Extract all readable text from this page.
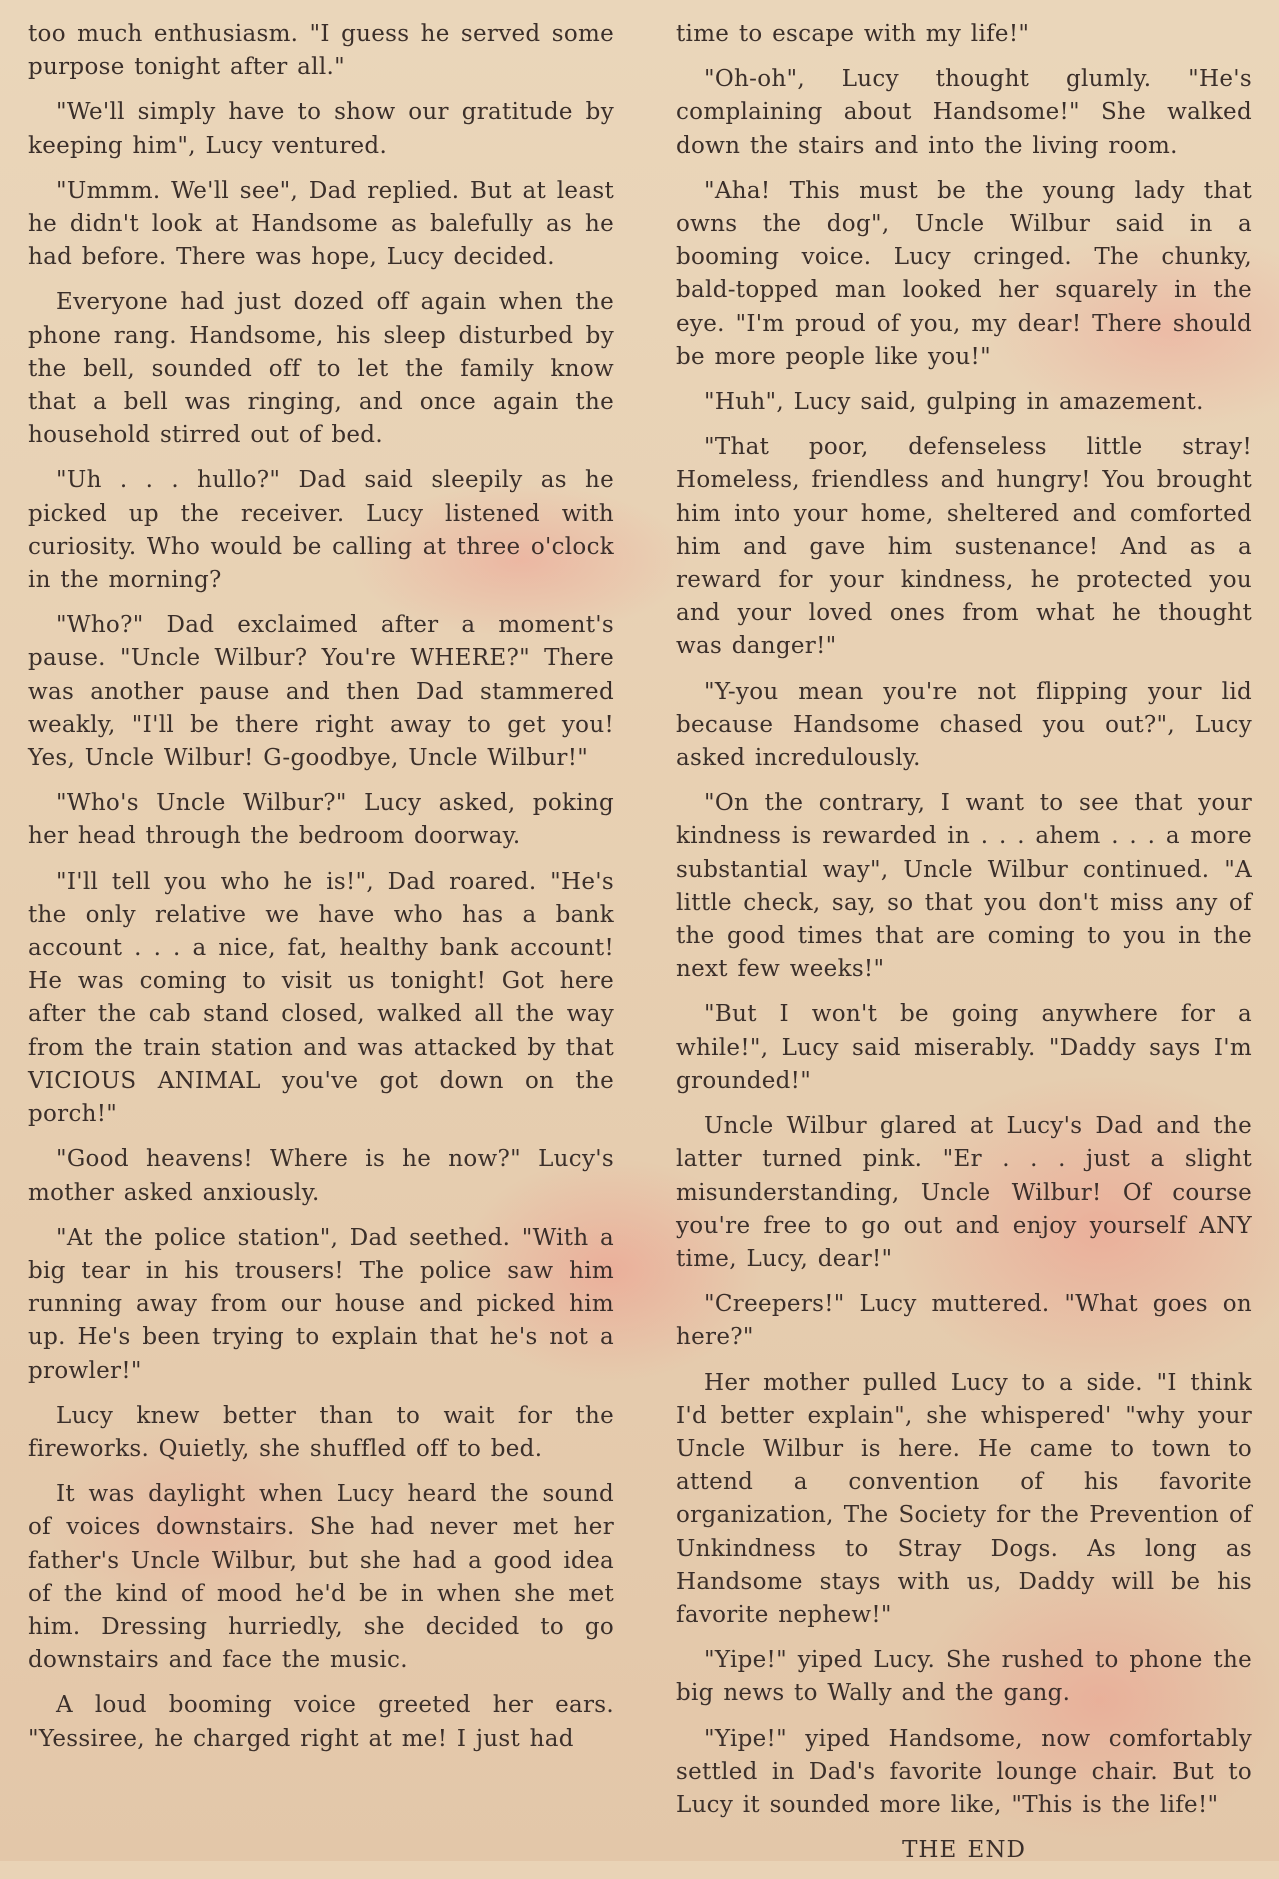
too much enthusiasm. "I guess he served some purpose tonight after all."

"We'll simply have to show our gratitude by keeping him", Lucy ventured.

"Ummm. We'll see", Dad replied. But at least he didn't look at Handsome as balefully as he had before. There was hope, Lucy decided.

Everyone had just dozed off again when the phone rang. Handsome, his sleep disturbed by the bell, sounded off to let the family know that a bell was ringing, and once again the household stirred out of bed.

"Uh . . . hullo?" Dad said sleepily as he picked up the receiver. Lucy listened with curiosity. Who would be calling at three o'clock in the morning?

"Who?" Dad exclaimed after a moment's pause. "Uncle Wilbur? You're WHERE?" There was another pause and then Dad stammered weakly, "I'll be there right away to get you! Yes, Uncle Wilbur! G-goodbye, Uncle Wilbur!"

"Who's Uncle Wilbur?" Lucy asked, poking her head through the bedroom doorway.

"I'll tell you who he is!", Dad roared. "He's the only relative we have who has a bank account . . . a nice, fat, healthy bank account! He was coming to visit us tonight! Got here after the cab stand closed, walked all the way from the train station and was attacked by that VICIOUS ANIMAL you've got down on the porch!"

"Good heavens! Where is he now?" Lucy's mother asked anxiously.

"At the police station", Dad seethed. "With a big tear in his trousers! The police saw him running away from our house and picked him up. He's been trying to explain that he's not a prowler!"

Lucy knew better than to wait for the fireworks. Quietly, she shuffled off to bed.

It was daylight when Lucy heard the sound of voices downstairs. She had never met her father's Uncle Wilbur, but she had a good idea of the kind of mood he'd be in when she met him. Dressing hurriedly, she decided to go downstairs and face the music.

A loud booming voice greeted her ears. "Yessiree, he charged right at me! I just had

time to escape with my life!"

"Oh-oh", Lucy thought glumly. "He's complaining about Handsome!" She walked down the stairs and into the living room.

"Aha! This must be the young lady that owns the dog", Uncle Wilbur said in a booming voice. Lucy cringed. The chunky, bald-topped man looked her squarely in the eye. "I'm proud of you, my dear! There should be more people like you!"

"Huh", Lucy said, gulping in amazement.

"That poor, defenseless little stray! Homeless, friendless and hungry! You brought him into your home, sheltered and comforted him and gave him sustenance! And as a reward for your kindness, he protected you and your loved ones from what he thought was danger!"

"Y-you mean you're not flipping your lid because Handsome chased you out?", Lucy asked incredulously.

"On the contrary, I want to see that your kindness is rewarded in . . . ahem . . . a more substantial way", Uncle Wilbur continued. "A little check, say, so that you don't miss any of the good times that are coming to you in the next few weeks!"

"But I won't be going anywhere for a while!", Lucy said miserably. "Daddy says I'm grounded!"

Uncle Wilbur glared at Lucy's Dad and the latter turned pink. "Er . . . just a slight misunderstanding, Uncle Wilbur! Of course you're free to go out and enjoy yourself ANY time, Lucy, dear!"

"Creepers!" Lucy muttered. "What goes on here?"

Her mother pulled Lucy to a side. "I think I'd better explain", she whispered' "why your Uncle Wilbur is here. He came to town to attend a convention of his favorite organization, The Society for the Prevention of Unkindness to Stray Dogs. As long as Handsome stays with us, Daddy will be his favorite nephew!"

"Yipe!" yiped Lucy. She rushed to phone the big news to Wally and the gang.

"Yipe!" yiped Handsome, now comfortably settled in Dad's favorite lounge chair. But to Lucy it sounded more like, "This is the life!"

THE END
